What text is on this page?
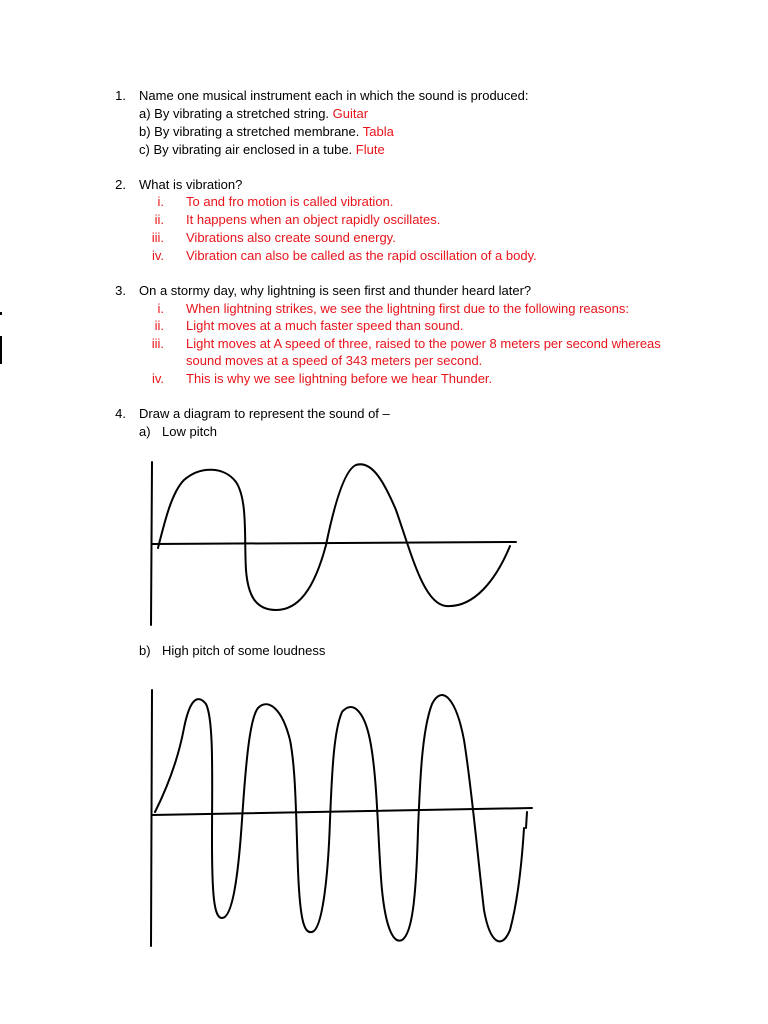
1. Name one musical instrument each in which the sound is produced:
a) By vibrating a stretched string. Guitar
b) By vibrating a stretched membrane. Tabla
c) By vibrating air enclosed in a tube. Flute
2. What is vibration?
i. To and fro motion is called vibration.
ii. It happens when an object rapidly oscillates.
iii. Vibrations also create sound energy.
iv. Vibration can also be called as the rapid oscillation of a body.
3. On a stormy day, why lightning is seen first and thunder heard later?
i. When lightning strikes, we see the lightning first due to the following reasons:
ii. Light moves at a much faster speed than sound.
iii. Light moves at A speed of three, raised to the power 8 meters per second whereas
sound moves at a speed of 343 meters per second.
iv. This is why we see lightning before we hear Thunder.
4. Draw a diagram to represent the sound of –
a) Low pitch
b) High pitch of some loudness
